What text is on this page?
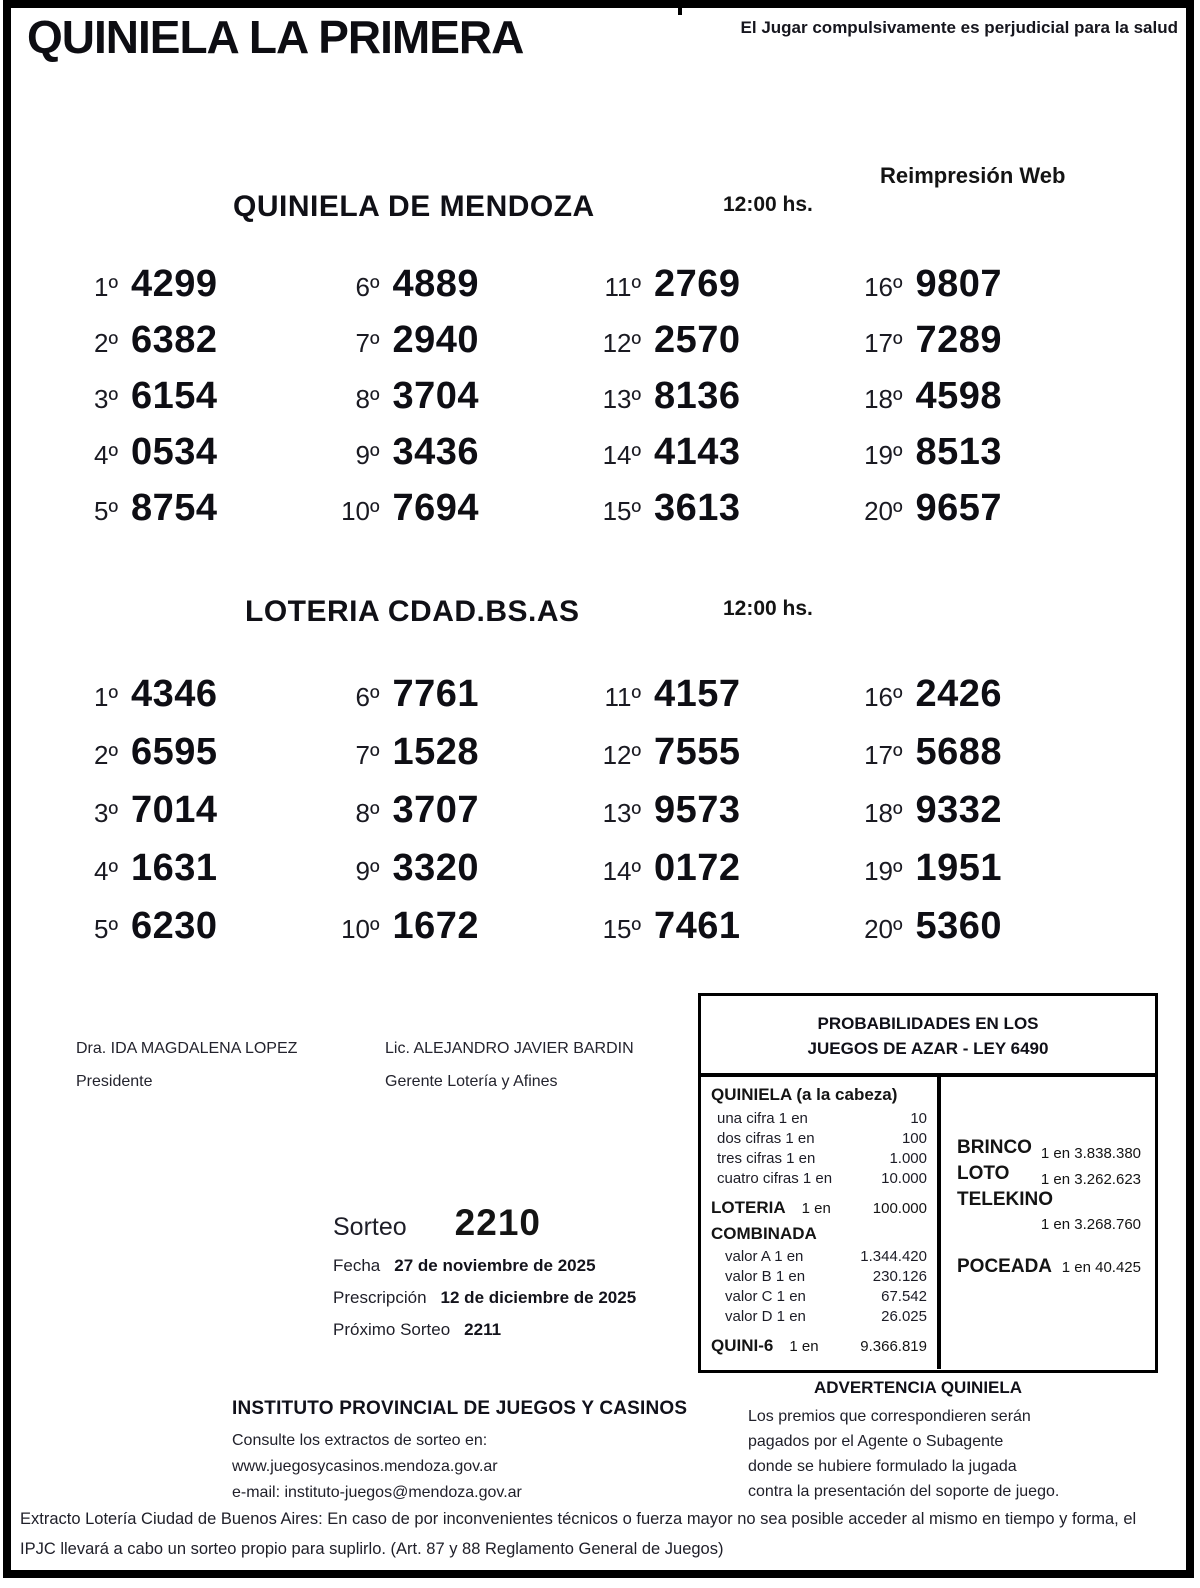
QUINIELA LA PRIMERA	El Jugar compulsivamente es perjudicial para la salud
Reimpresión Web
QUINIELA DE MENDOZA	12:00 hs.
1º 4299
2º 6382
3º 6154
4º 0534
5º 8754
6º 4889
7º 2940
8º 3704
9º 3436
10º 7694
11º 2769
12º 2570
13º 8136
14º 4143
15º 3613
16º 9807
17º 7289
18º 4598
19º 8513
20º 9657
LOTERIA CDAD.BS.AS	12:00 hs.
1º 4346
2º 6595
3º 7014
4º 1631
5º 6230
6º 7761
7º 1528
8º 3707
9º 3320
10º 1672
11º 4157
12º 7555
13º 9573
14º 0172
15º 7461
16º 2426
17º 5688
18º 9332
19º 1951
20º 5360
Dra. IDA MAGDALENA LOPEZ
Presidente
Lic. ALEJANDRO JAVIER BARDIN
Gerente Lotería y Afines
PROBABILIDADES EN LOS
JUEGOS DE AZAR - LEY 6490
QUINIELA (a la cabeza)
una cifra 1 en	10
dos cifras 1 en	100
tres cifras 1 en	1.000
cuatro cifras 1 en	10.000
LOTERIA	1 en	100.000
COMBINADA
valor A 1 en	1.344.420
valor B 1 en	230.126
valor C 1 en	67.542
valor D 1 en	26.025
QUINI-6	1 en	9.366.819
BRINCO 1 en 3.838.380
LOTO 1 en 3.262.623
TELEKINO
1 en 3.268.760
POCEADA 1 en 40.425
Sorteo 2210
Fecha 27 de noviembre de 2025
Prescripción 12 de diciembre de 2025
Próximo Sorteo 2211
INSTITUTO PROVINCIAL DE JUEGOS Y CASINOS
Consulte los extractos de sorteo en:
www.juegosycasinos.mendoza.gov.ar
e-mail: instituto-juegos@mendoza.gov.ar
ADVERTENCIA QUINIELA
Los premios que correspondieren serán
pagados por el Agente o Subagente
donde se hubiere formulado la jugada
contra la presentación del soporte de juego.
Extracto Lotería Ciudad de Buenos Aires: En caso de por inconvenientes técnicos o fuerza mayor no sea posible acceder al mismo en tiempo y forma, el IPJC llevará a cabo un sorteo propio para suplirlo. (Art. 87 y 88 Reglamento General de Juegos)
